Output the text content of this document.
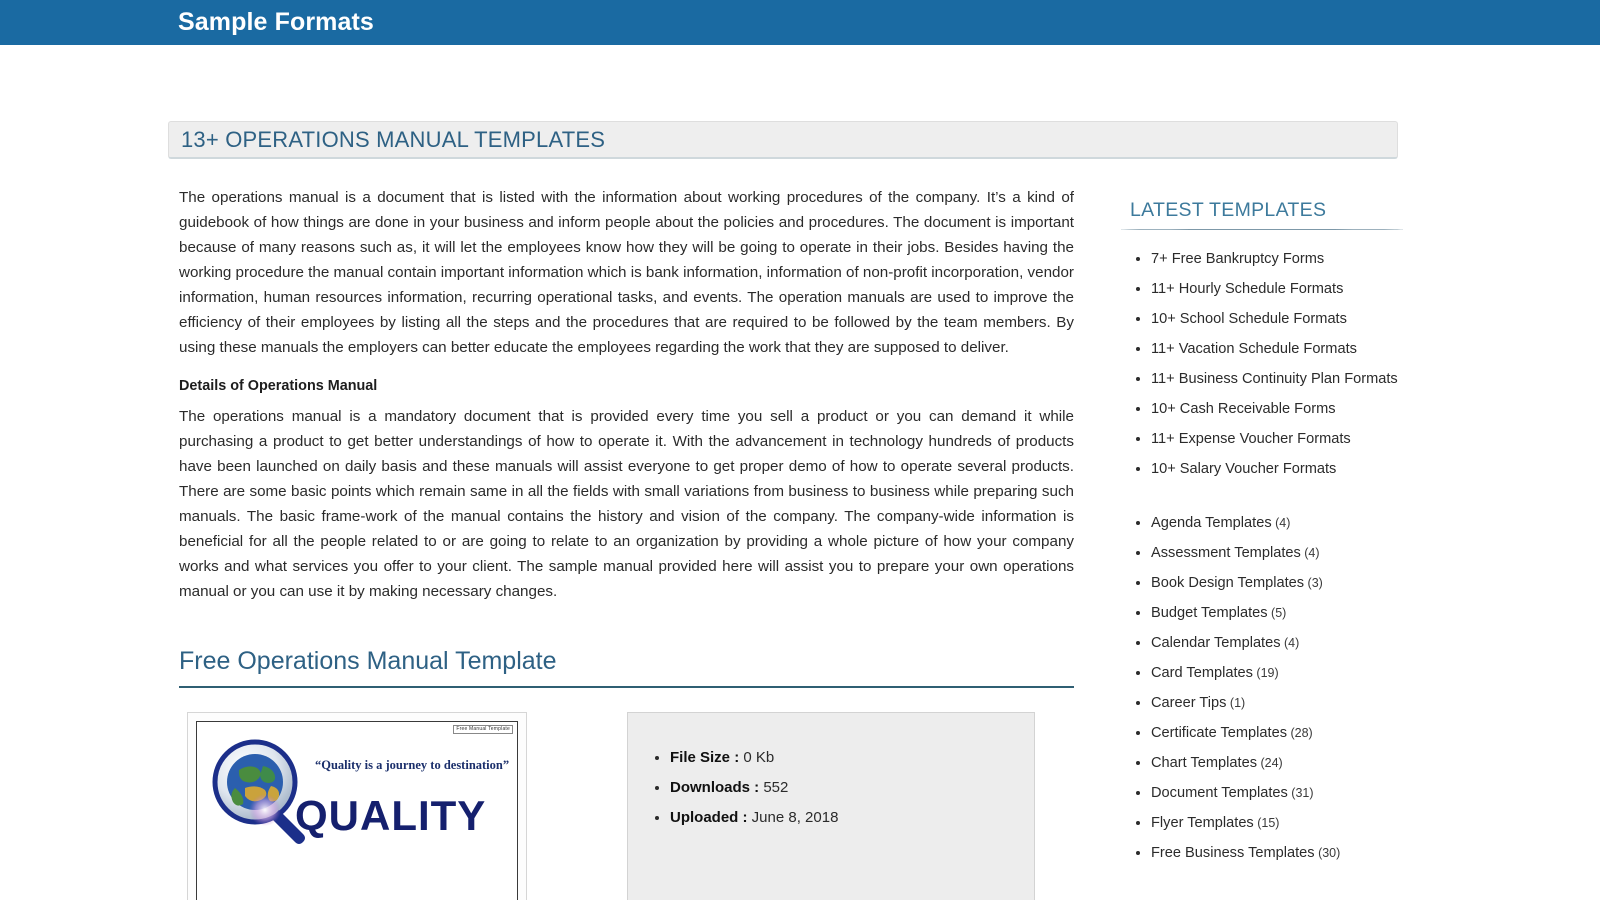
Sample Formats
13+ OPERATIONS MANUAL TEMPLATES

The operations manual is a document that is listed with the information about working procedures of the company. It’s a kind of guidebook of how things are done in your business and inform people about the policies and procedures. The document is important because of many reasons such as, it will let the employees know how they will be going to operate in their jobs. Besides having the working procedure the manual contain important information which is bank information, information of non-profit incorporation, vendor information, human resources information, recurring operational tasks, and events. The operation manuals are used to improve the efficiency of their employees by listing all the steps and the procedures that are required to be followed by the team members. By using these manuals the employers can better educate the employees regarding the work that they are supposed to deliver.

Details of Operations Manual

The operations manual is a mandatory document that is provided every time you sell a product or you can demand it while purchasing a product to get better understandings of how to operate it. With the advancement in technology hundreds of products have been launched on daily basis and these manuals will assist everyone to get proper demo of how to operate several products. There are some basic points which remain same in all the fields with small variations from business to business while preparing such manuals. The basic frame-work of the manual contains the history and vision of the company. The company-wide information is beneficial for all the people related to or are going to relate to an organization by providing a whole picture of how your company works and what services you offer to your client. The sample manual provided here will assist you to prepare your own operations manual or you can use it by making necessary changes.

Free Operations Manual Template
Free Manual Template
“Quality is a journey to destination”
QUALITY
• File Size : 0 Kb
• Downloads : 552
• Uploaded : June 8, 2018
LATEST TEMPLATES
• 7+ Free Bankruptcy Forms
• 11+ Hourly Schedule Formats
• 10+ School Schedule Formats
• 11+ Vacation Schedule Formats
• 11+ Business Continuity Plan Formats
• 10+ Cash Receivable Forms
• 11+ Expense Voucher Formats
• 10+ Salary Voucher Formats
• Agenda Templates (4)
• Assessment Templates (4)
• Book Design Templates (3)
• Budget Templates (5)
• Calendar Templates (4)
• Card Templates (19)
• Career Tips (1)
• Certificate Templates (28)
• Chart Templates (24)
• Document Templates (31)
• Flyer Templates (15)
• Free Business Templates (30)
